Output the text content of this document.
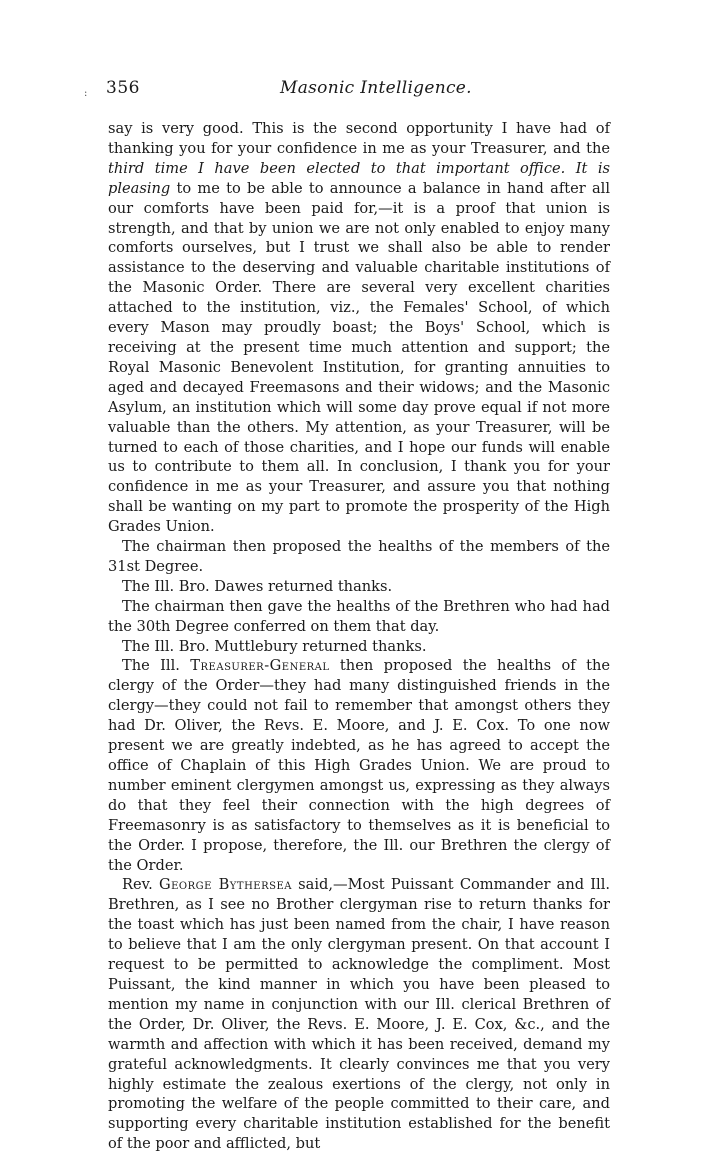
: 356	Masonic Intelligence.

say is very good. This is the second opportunity I have had of thanking you for your confidence in me as your Treasurer, and the third time I have been elected to that important office. It is pleasing to me to be able to announce a balance in hand after all our comforts have been paid for,—it is a proof that union is strength, and that by union we are not only enabled to enjoy many comforts ourselves, but I trust we shall also be able to render assistance to the deserving and valuable charitable institutions of the Masonic Order. There are several very excellent charities attached to the institution, viz., the Females' School, of which every Mason may proudly boast; the Boys' School, which is receiving at the present time much attention and support; the Royal Masonic Benevolent Institution, for granting annuities to aged and decayed Freemasons and their widows; and the Masonic Asylum, an institution which will some day prove equal if not more valuable than the others. My attention, as your Treasurer, will be turned to each of those charities, and I hope our funds will enable us to contribute to them all. In conclusion, I thank you for your confidence in me as your Treasurer, and assure you that nothing shall be wanting on my part to promote the prosperity of the High Grades Union.

The chairman then proposed the healths of the members of the 31st Degree.

The Ill. Bro. Dawes returned thanks.

The chairman then gave the healths of the Brethren who had had the 30th Degree conferred on them that day.

The Ill. Bro. Muttlebury returned thanks.

The Ill. Treasurer-General then proposed the healths of the clergy of the Order—they had many distinguished friends in the clergy—they could not fail to remember that amongst others they had Dr. Oliver, the Revs. E. Moore, and J. E. Cox. To one now present we are greatly indebted, as he has agreed to accept the office of Chaplain of this High Grades Union. We are proud to number eminent clergymen amongst us, expressing as they always do that they feel their connection with the high degrees of Freemasonry is as satisfactory to themselves as it is beneficial to the Order. I propose, therefore, the Ill. our Brethren the clergy of the Order.

Rev. George Bythersea said,—Most Puissant Commander and Ill. Brethren, as I see no Brother clergyman rise to return thanks for the toast which has just been named from the chair, I have reason to believe that I am the only clergyman present. On that account I request to be permitted to acknowledge the compliment. Most Puissant, the kind manner in which you have been pleased to mention my name in conjunction with our Ill. clerical Brethren of the Order, Dr. Oliver, the Revs. E. Moore, J. E. Cox, &c., and the warmth and affection with which it has been received, demand my grateful acknowledgments. It clearly convinces me that you very highly estimate the zealous exertions of the clergy, not only in promoting the welfare of the people committed to their care, and supporting every charitable institution established for the benefit of the poor and afflicted, but
